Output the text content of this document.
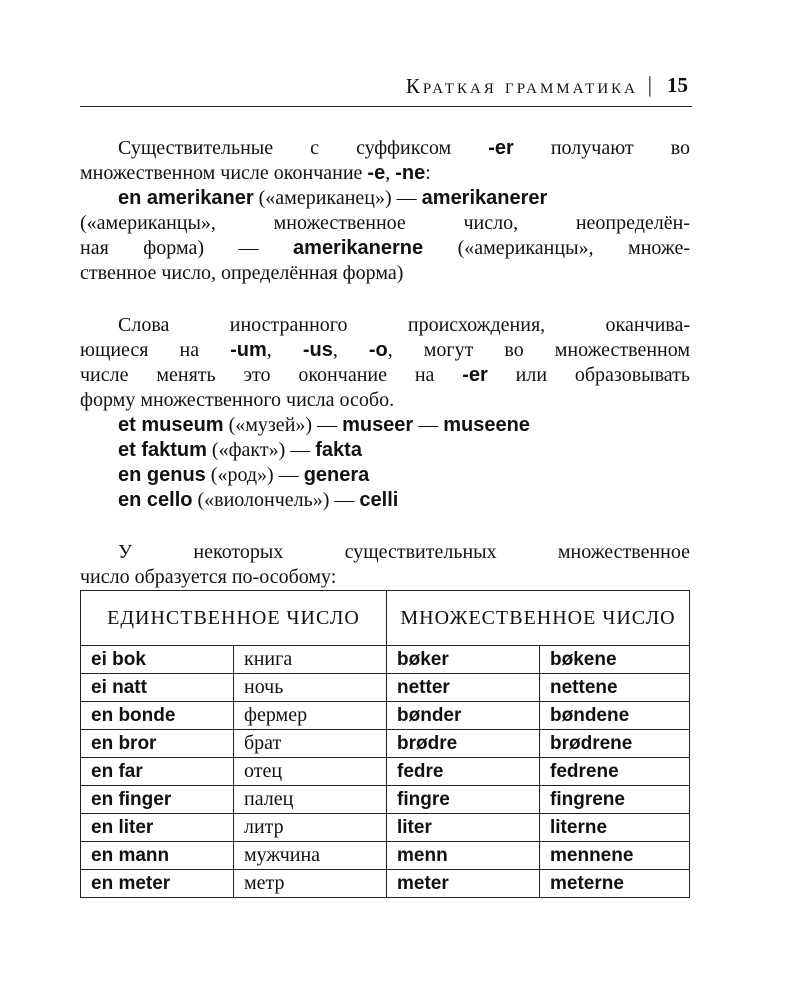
Краткая грамматика | 15
Существительные с суффиксом -er получают во
множественном числе окончание -e, -ne:
en amerikaner («американец») — amerikanerer
(«американцы», множественное число, неопределён-
ная форма) — amerikanerne («американцы», множе-
ственное число, определённая форма)
Слова иностранного происхождения, оканчива-
ющиеся на -um, -us, -o, могут во множественном
числе менять это окончание на -er или образовывать
форму множественного числа особо.
et museum («музей») — museer — museene
et faktum («факт») — fakta
en genus («род») — genera
en cello («виолончель») — celli
У некоторых существительных множественное
число образуется по-особому:
ЕДИНСТВЕННОЕ ЧИСЛО		МНОЖЕСТВЕННОЕ ЧИСЛО	
ei bok	книга	bøker	bøkene
ei natt	ночь	netter	nettene
en bonde	фермер	bønder	bøndene
en bror	брат	brødre	brødrene
en far	отец	fedre	fedrene
en finger	палец	fingre	fingrene
en liter	литр	liter	literne
en mann	мужчина	menn	mennene
en meter	метр	meter	meterne
